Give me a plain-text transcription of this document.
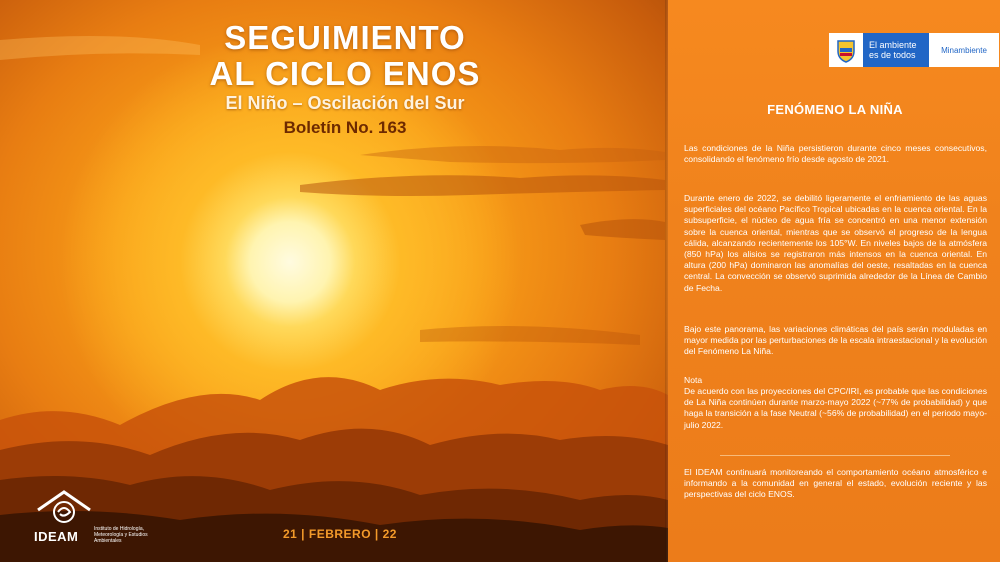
SEGUIMIENTO
AL CICLO ENOS
El Niño – Oscilación del Sur
Boletín No. 163
IDEAM	Instituto de Hidrología, Meteorología y Estudios Ambientales	21 | FEBRERO | 22
El ambiente
es de todos	Minambiente
FENÓMENO LA NIÑA

Las condiciones de la Niña persistieron durante cinco meses consecutivos, consolidando el fenómeno frío desde agosto de 2021.

Durante enero de 2022, se debilitó ligeramente el enfriamiento de las aguas superficiales del océano Pacífico Tropical ubicadas en la cuenca oriental. En la subsuperficie, el núcleo de agua fría se concentró en una menor extensión sobre la cuenca oriental, mientras que se observó el progreso de la lengua cálida, alcanzando recientemente los 105°W. En niveles bajos de la atmósfera (850 hPa) los alisios se registraron más intensos en la cuenca oriental. En altura (200 hPa) dominaron las anomalías del oeste, resaltadas en la cuenca central. La convección se observó suprimida alrededor de la Línea de Cambio de Fecha.

Bajo este panorama, las variaciones climáticas del país serán moduladas en mayor medida por las perturbaciones de la escala intraestacional y la evolución del Fenómeno La Niña.

Nota

De acuerdo con las proyecciones del CPC/IRI, es probable que las condiciones de La Niña continúen durante marzo-mayo 2022 (~77% de probabilidad) y que haga la transición a la fase Neutral (~56% de probabilidad) en el periodo mayo-julio 2022.

El IDEAM continuará monitoreando el comportamiento océano atmosférico e informando a la comunidad en general el estado, evolución reciente y las perspectivas del ciclo ENOS.
